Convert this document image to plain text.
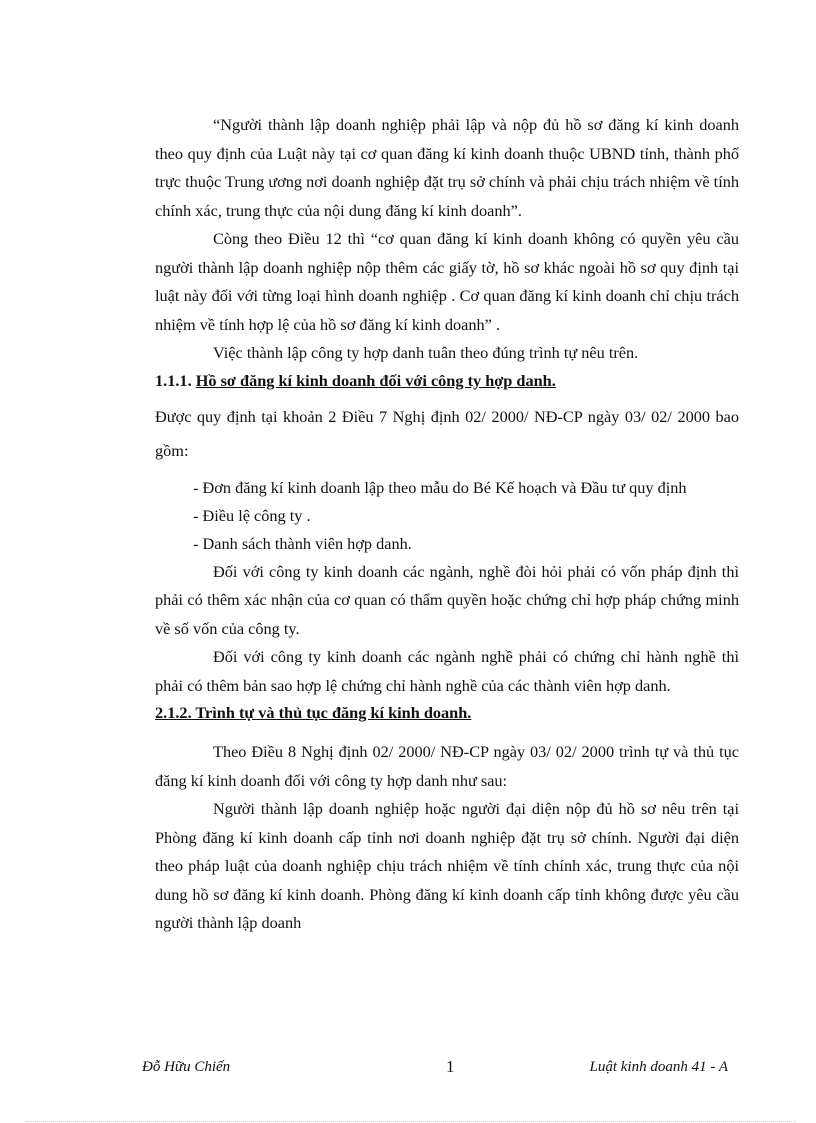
“Người thành lập doanh nghiệp phải lập và nộp đủ hồ sơ đăng kí kinh doanh theo quy định của Luật này tại cơ quan đăng kí kinh doanh thuộc UBND tỉnh, thành phố trực thuộc Trung ương nơi doanh nghiệp đặt trụ sở chính và phải chịu trách nhiệm về tính chính xác, trung thực của nội dung đăng kí kinh doanh”.

Còng theo Điều 12 thì “cơ quan đăng kí kinh doanh không có quyền yêu cầu người thành lập doanh nghiệp nộp thêm các giấy tờ, hồ sơ khác ngoài hồ sơ quy định tại luật này đối với từng loại hình doanh nghiệp . Cơ quan đăng kí kinh doanh chỉ chịu trách nhiệm về tính hợp lệ của hồ sơ đăng kí kinh doanh” .

Việc thành lập công ty hợp danh tuân theo đúng trình tự nêu trên.

1.1.1. Hồ sơ đăng kí kinh doanh đối với công ty hợp danh.

Được quy định tại khoản 2 Điều 7 Nghị định 02/ 2000/ NĐ-CP ngày 03/ 02/ 2000 bao gồm:

- Đơn đăng kí kinh doanh lập theo mẫu do Bé Kế hoạch và Đầu tư quy định

- Điều lệ công ty .

- Danh sách thành viên hợp danh.

Đối với công ty kinh doanh các ngành, nghề đòi hỏi phải có vốn pháp định thì phải có thêm xác nhận của cơ quan có thẩm quyền hoặc chứng chỉ hợp pháp chứng minh về số vốn của công ty.

Đối với công ty kinh doanh các ngành nghề phải có chứng chỉ hành nghề thì phải có thêm bản sao hợp lệ chứng chỉ hành nghề của các thành viên hợp danh.

2.1.2. Trình tự và thủ tục đăng kí kinh doanh.

Theo Điều 8 Nghị định 02/ 2000/ NĐ-CP ngày 03/ 02/ 2000 trình tự và thủ tục đăng kí kinh doanh đối với công ty hợp danh như sau:

Người thành lập doanh nghiệp hoặc người đại diện nộp đủ hồ sơ nêu trên tại Phòng đăng kí kinh doanh cấp tỉnh nơi doanh nghiệp đặt trụ sở chính. Người đại diện theo pháp luật của doanh nghiệp chịu trách nhiệm về tính chính xác, trung thực của nội dung hồ sơ đăng kí kinh doanh. Phòng đăng kí kinh doanh cấp tỉnh không được yêu cầu người thành lập doanh

Đỗ Hữu Chiến	1	Luật kinh doanh 41 - A
